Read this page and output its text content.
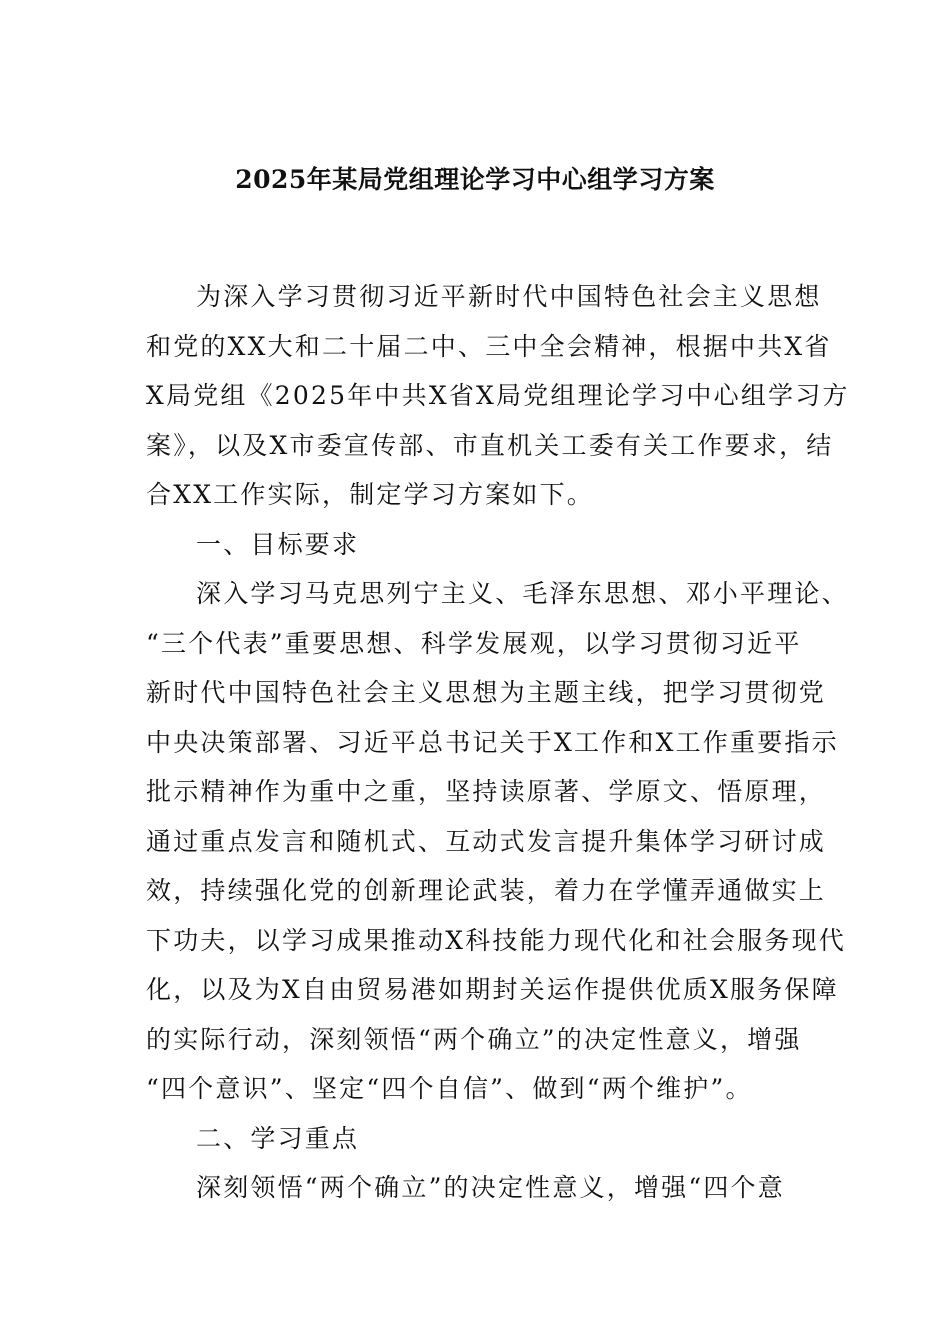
2025年某局党组理论学习中心组学习方案
为深入学习贯彻习近平新时代中国特色社会主义思想
和党的XX大和二十届二中、三中全会精神，根据中共X省
X局党组《2025年中共X省X局党组理论学习中心组学习方
案》，以及X市委宣传部、市直机关工委有关工作要求，结
合XX工作实际，制定学习方案如下。
一、目标要求
深入学习马克思列宁主义、毛泽东思想、邓小平理论、
“三个代表”重要思想、科学发展观，以学习贯彻习近平
新时代中国特色社会主义思想为主题主线，把学习贯彻党
中央决策部署、习近平总书记关于X工作和X工作重要指示
批示精神作为重中之重，坚持读原著、学原文、悟原理，
通过重点发言和随机式、互动式发言提升集体学习研讨成
效，持续强化党的创新理论武装，着力在学懂弄通做实上
下功夫，以学习成果推动X科技能力现代化和社会服务现代
化，以及为X自由贸易港如期封关运作提供优质X服务保障
的实际行动，深刻领悟“两个确立”的决定性意义，增强
“四个意识”、坚定“四个自信”、做到“两个维护”。
二、学习重点
深刻领悟“两个确立”的决定性意义，增强“四个意
